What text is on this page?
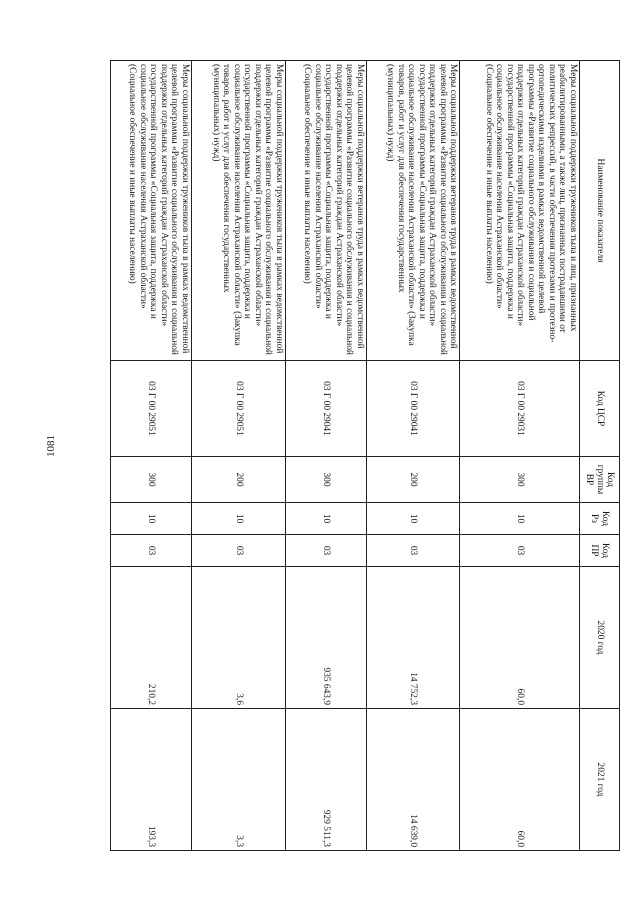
1081
Наименование показателя	Код ЦСР	Код группы ВР	Код Рз	Код ПР	2020 год	2021 год
Меры социальной поддержки тружеников тыла и лиц, признанных реабилитированными, а также лиц, признанных пострадавшими от политических репрессий, в части обеспечения протезами и протезно-ортопедическими изделиями в рамках ведомственной целевой программы «Развитие социального обслуживания и социальной поддержки отдельных категорий граждан Астраханской области» государственной программы «Социальная защита, поддержка и социальное обслуживание населения Астраханской области» (Социальное обеспечение и иные выплаты населению)	03 Г 00 29031	300	10	03	60,0	60,0
Меры социальной поддержки ветеранов труда в рамках ведомственной целевой программы «Развитие социального обслуживания и социальной поддержки отдельных категорий граждан Астраханской области» государственной программы «Социальная защита, поддержка и социальное обслуживание населения Астраханской области» (Закупка товаров, работ и услуг для обеспечения государственных (муниципальных) нужд)	03 Г 00 29041	200	10	03	14 752,3	14 639,0
Меры социальной поддержки ветеранов труда в рамках ведомственной целевой программы «Развитие социального обслуживания и социальной поддержки отдельных категорий граждан Астраханской области» государственной программы «Социальная защита, поддержка и социальное обслуживание населения Астраханской области» (Социальное обеспечение и иные выплаты населению)	03 Г 00 29041	300	10	03	935 643,9	929 511,3
Меры социальной поддержки тружеников тыла в рамках ведомственной целевой программы «Развитие социального обслуживания и социальной поддержки отдельных категорий граждан Астраханской области» государственной программы «Социальная защита, поддержка и социальное обслуживание населения Астраханской области» (Закупка товаров, работ и услуг для обеспечения государственных (муниципальных) нужд)	03 Г 00 29051	200	10	03	3,6	3,3
Меры социальной поддержки тружеников тыла в рамках ведомственной целевой программы «Развитие социального обслуживания и социальной поддержки отдельных категорий граждан Астраханской области» государственной программы «Социальная защита, поддержка и социальное обслуживание населения Астраханской области» (Социальное обеспечение и иные выплаты населению)	03 Г 00 29051	300	10	03	210,2	193,3
